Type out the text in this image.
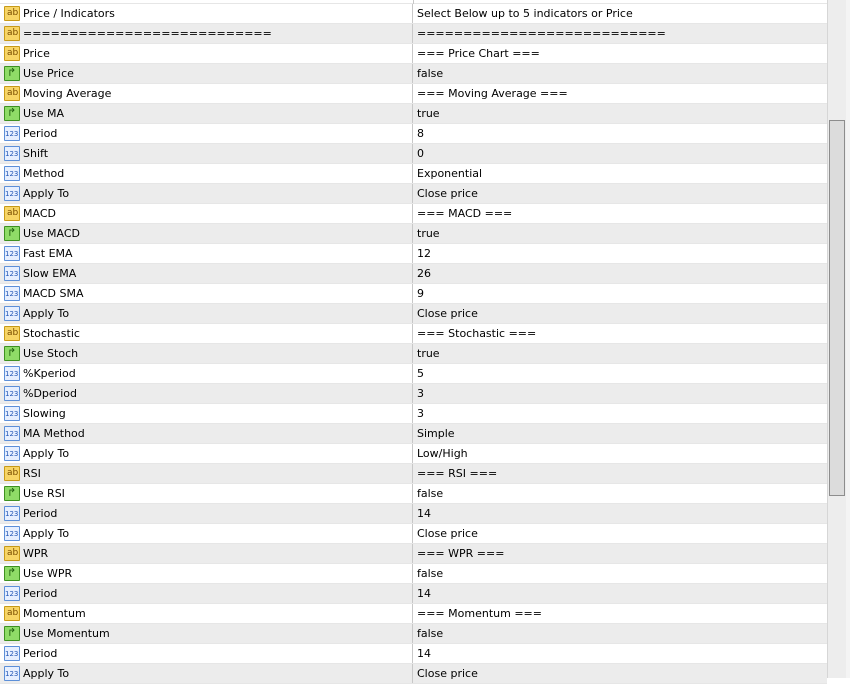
ab
Price / Indicators	Select Below up to 5 indicators or Price
ab
===========================	===========================
ab
Price	=== Price Chart ===
↱
Use Price	false
ab
Moving Average	=== Moving Average ===
↱
Use MA	true
123
Period	8
123
Shift	0
123
Method	Exponential
123
Apply To	Close price
ab
MACD	=== MACD ===
↱
Use MACD	true
123
Fast EMA	12
123
Slow EMA	26
123
MACD SMA	9
123
Apply To	Close price
ab
Stochastic	=== Stochastic ===
↱
Use Stoch	true
123
%Kperiod	5
123
%Dperiod	3
123
Slowing	3
123
MA Method	Simple
123
Apply To	Low/High
ab
RSI	=== RSI ===
↱
Use RSI	false
123
Period	14
123
Apply To	Close price
ab
WPR	=== WPR ===
↱
Use WPR	false
123
Period	14
ab
Momentum	=== Momentum ===
↱
Use Momentum	false
123
Period	14
123
Apply To	Close price
